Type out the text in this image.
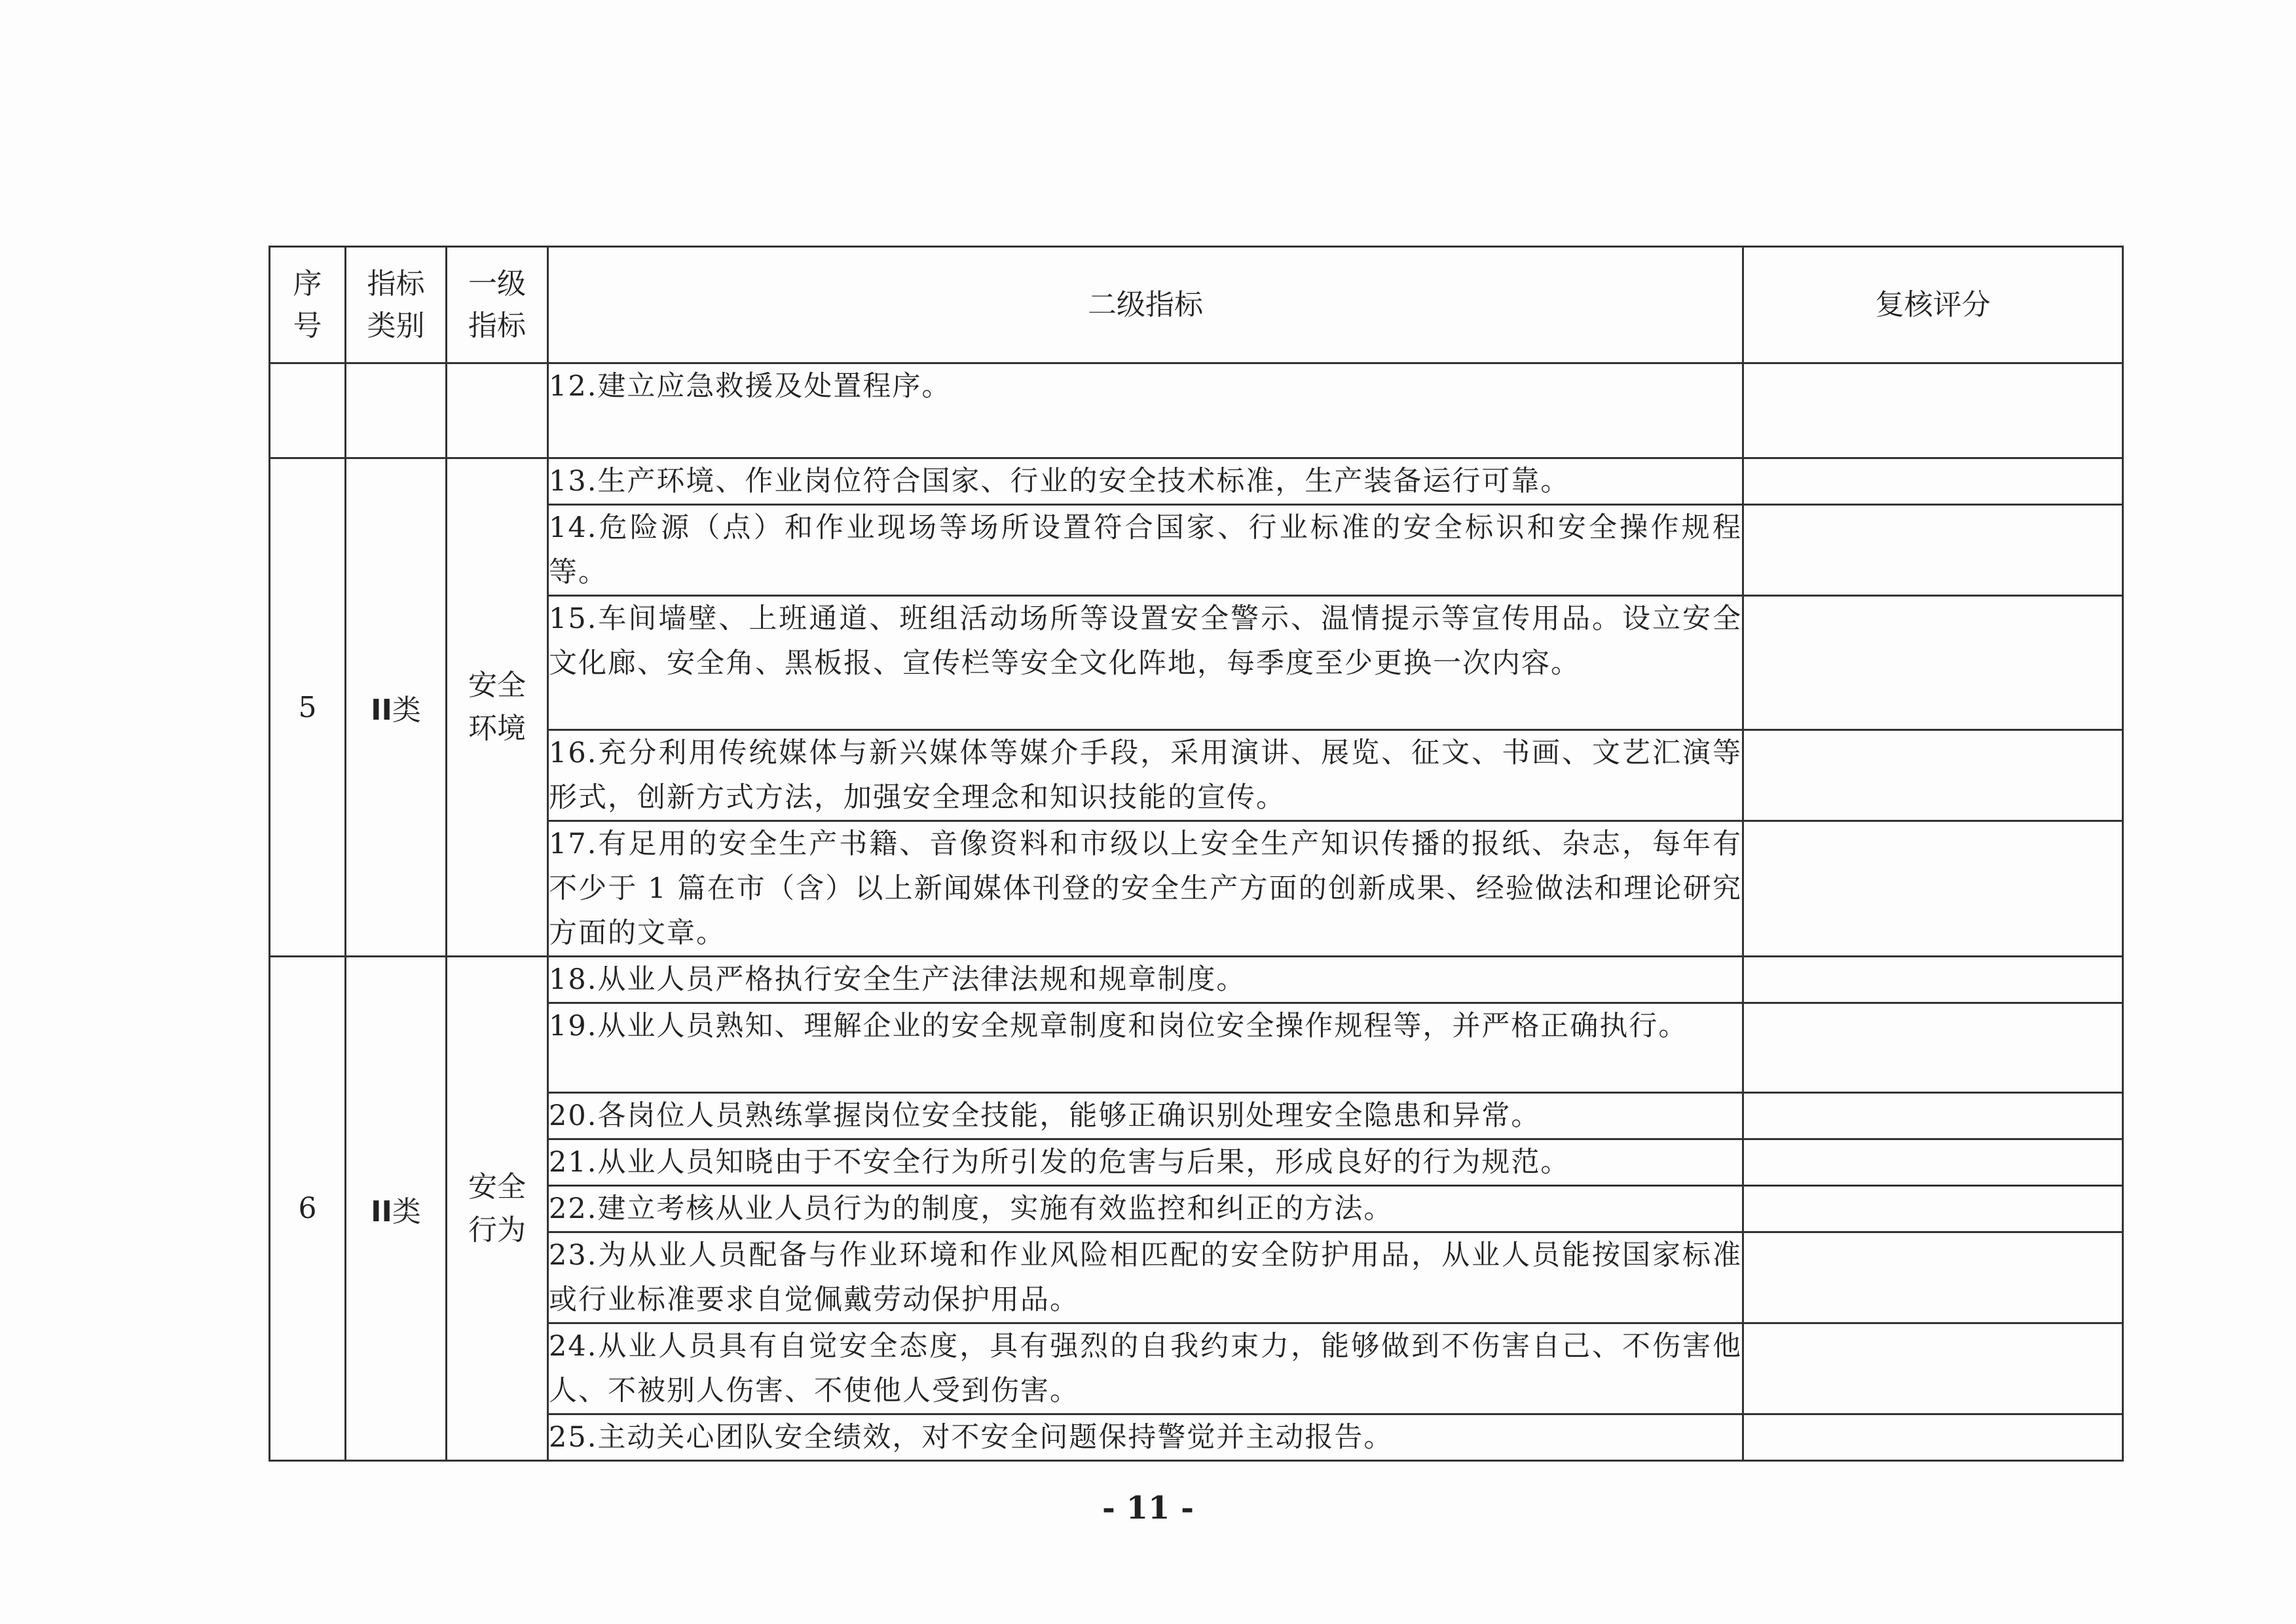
序号	指标类别	一级指标	二级指标	复核评分
			12.建立应急救援及处置程序。	
5	II类	安全环境	13.生产环境、作业岗位符合国家、行业的安全技术标准，生产装备运行可靠。	
			14.危险源（点）和作业现场等场所设置符合国家、行业标准的安全标识和安全操作规程等。	
			15.车间墙壁、上班通道、班组活动场所等设置安全警示、温情提示等宣传用品。设立安全文化廊、安全角、黑板报、宣传栏等安全文化阵地，每季度至少更换一次内容。	
			16.充分利用传统媒体与新兴媒体等媒介手段，采用演讲、展览、征文、书画、文艺汇演等形式，创新方式方法，加强安全理念和知识技能的宣传。	
			17.有足用的安全生产书籍、音像资料和市级以上安全生产知识传播的报纸、杂志，每年有不少于 1 篇在市（含）以上新闻媒体刊登的安全生产方面的创新成果、经验做法和理论研究方面的文章。	
6	II类	安全行为	18.从业人员严格执行安全生产法律法规和规章制度。	
			19.从业人员熟知、理解企业的安全规章制度和岗位安全操作规程等，并严格正确执行。	
			20.各岗位人员熟练掌握岗位安全技能，能够正确识别处理安全隐患和异常。	
			21.从业人员知晓由于不安全行为所引发的危害与后果，形成良好的行为规范。	
			22.建立考核从业人员行为的制度，实施有效监控和纠正的方法。	
			23.为从业人员配备与作业环境和作业风险相匹配的安全防护用品，从业人员能按国家标准或行业标准要求自觉佩戴劳动保护用品。	
			24.从业人员具有自觉安全态度，具有强烈的自我约束力，能够做到不伤害自己、不伤害他人、不被别人伤害、不使他人受到伤害。	
			25.主动关心团队安全绩效，对不安全问题保持警觉并主动报告。	
- 11 -
